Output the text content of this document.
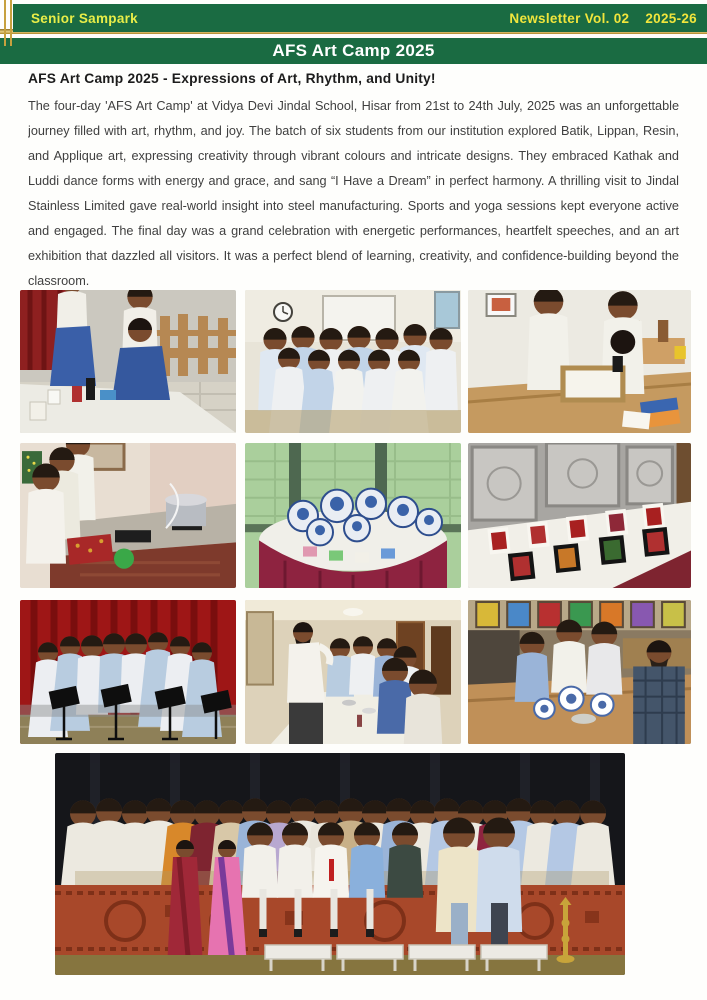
Senior Sampark	Newsletter Vol. 02 2025-26
AFS Art Camp 2025
AFS Art Camp 2025 - Expressions of Art, Rhythm, and Unity!

The four-day 'AFS Art Camp' at Vidya Devi Jindal School, Hisar from 21st to 24th July, 2025 was an unforgettable journey filled with art, rhythm, and joy. The batch of six students from our institution explored Batik, Lippan, Resin, and Applique art, expressing creativity through vibrant colours and intricate designs. They embraced Kathak and Luddi dance forms with energy and grace, and sang “I Have a Dream” in perfect harmony. A thrilling visit to Jindal Stainless Limited gave real-world insight into steel manufacturing. Sports and yoga sessions kept everyone active and engaged. The final day was a grand celebration with energetic performances, heartfelt speeches, and an art exhibition that dazzled all visitors. It was a perfect blend of learning, creativity, and confidence-building beyond the classroom.
